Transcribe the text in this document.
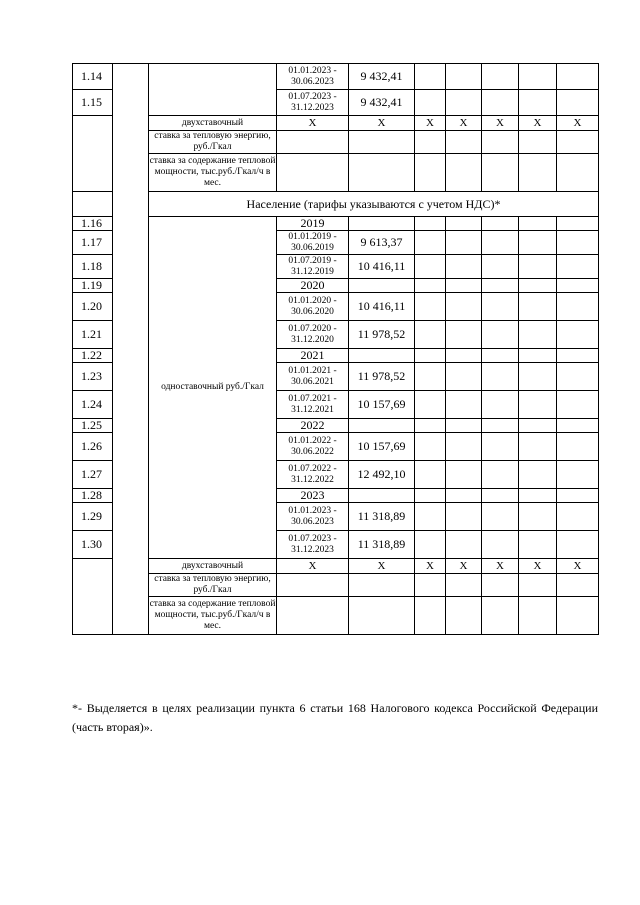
1.14			01.01.2023 - 30.06.2023	9 432,41					
1.15			01.07.2023 - 31.12.2023	9 432,41					
		двухставочный	X	X	X	X	X	X	X
		ставка за тепловую энергию, руб./Гкал							
		ставка за содержание тепловой мощности, тыс.руб./Гкал/ч в мес.							
		Население (тарифы указываются с учетом НДС)*							
1.16		одноставочный руб./Гкал	2019						
1.17			01.01.2019 - 30.06.2019	9 613,37					
1.18			01.07.2019 - 31.12.2019	10 416,11					
1.19			2020						
1.20			01.01.2020 - 30.06.2020	10 416,11					
1.21			01.07.2020 - 31.12.2020	11 978,52					
1.22			2021						
1.23			01.01.2021 - 30.06.2021	11 978,52					
1.24			01.07.2021 - 31.12.2021	10 157,69					
1.25			2022						
1.26			01.01.2022 - 30.06.2022	10 157,69					
1.27			01.07.2022 - 31.12.2022	12 492,10					
1.28			2023						
1.29			01.01.2023 - 30.06.2023	11 318,89					
1.30			01.07.2023 - 31.12.2023	11 318,89					
		двухставочный	X	X	X	X	X	X	X
		ставка за тепловую энергию, руб./Гкал							
		ставка за содержание тепловой мощности, тыс.руб./Гкал/ч в мес.							
*- Выделяется в целях реализации пункта 6 статьи 168 Налогового кодекса Российской Федерации (часть вторая)».
